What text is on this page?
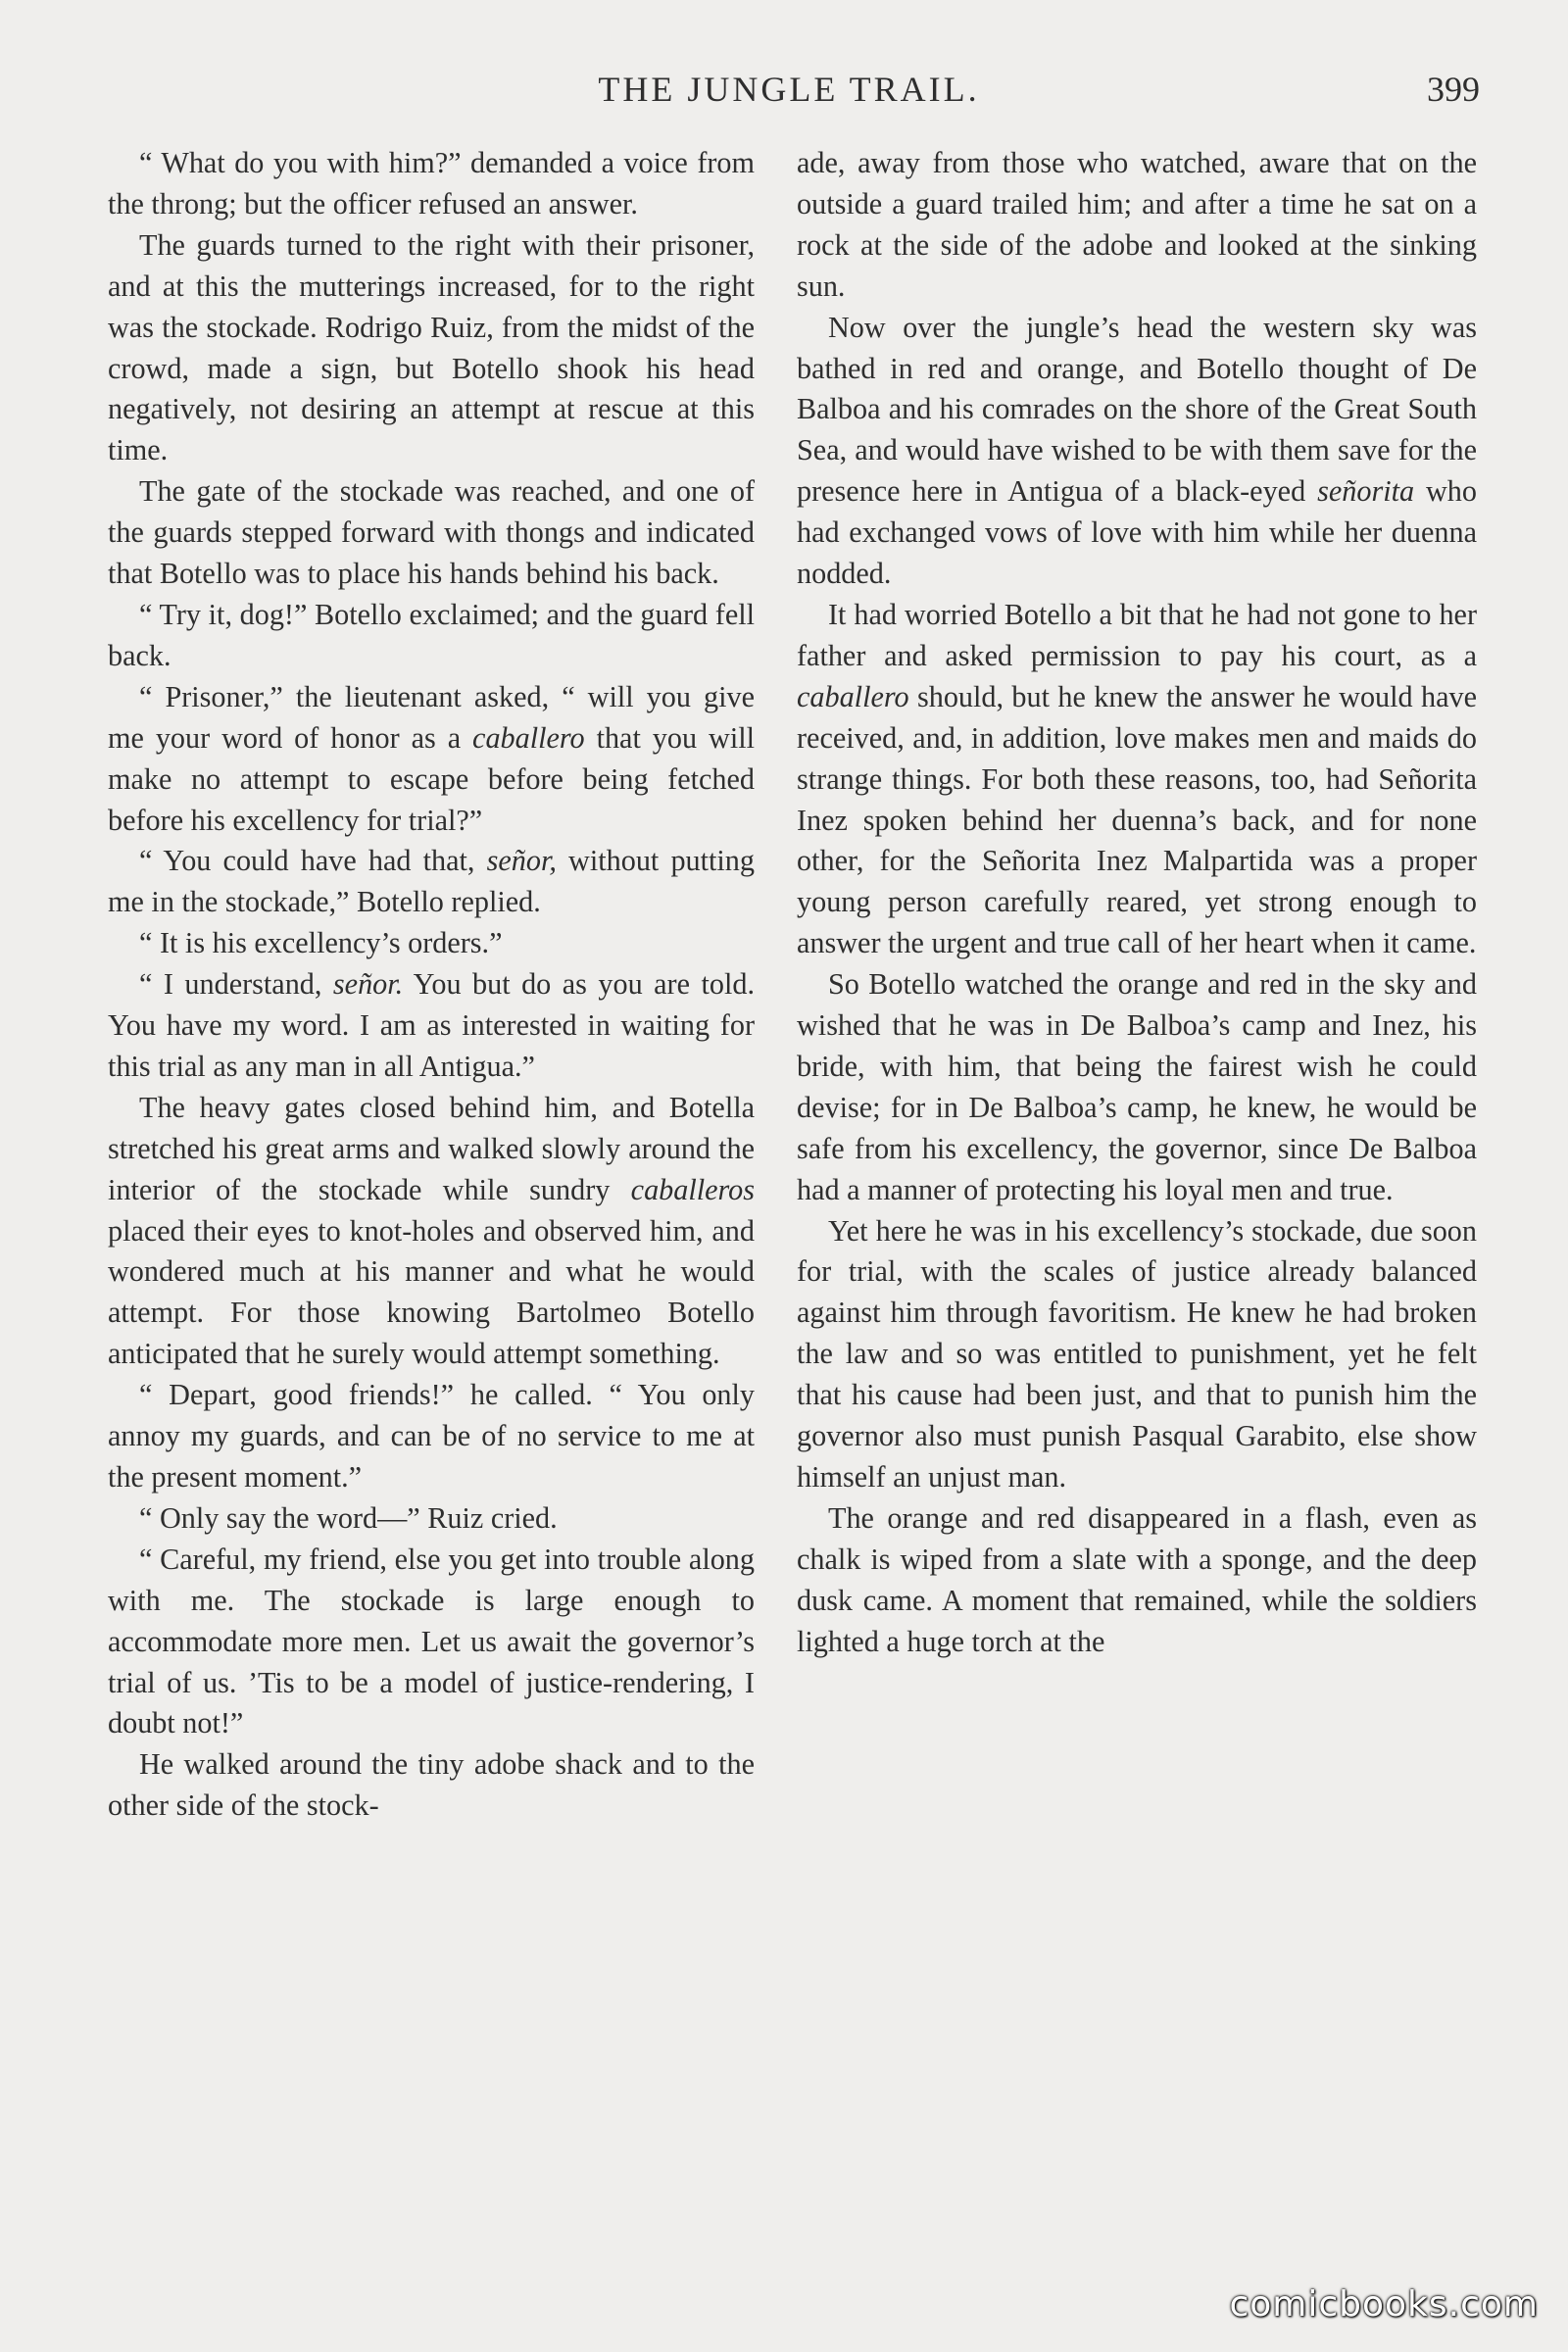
THE JUNGLE TRAIL.	399

“ What do you with him?” demanded a voice from the throng; but the officer refused an answer.

The guards turned to the right with their prisoner, and at this the mutterings increased, for to the right was the stockade. Rodrigo Ruiz, from the midst of the crowd, made a sign, but Botello shook his head negatively, not desiring an attempt at rescue at this time.

The gate of the stockade was reached, and one of the guards stepped forward with thongs and indicated that Botello was to place his hands behind his back.

“ Try it, dog!” Botello exclaimed; and the guard fell back.

“ Prisoner,” the lieutenant asked, “ will you give me your word of honor as a caballero that you will make no attempt to escape before being fetched before his excellency for trial?”

“ You could have had that, señor, without putting me in the stockade,” Botello replied.

“ It is his excellency’s orders.”

“ I understand, señor. You but do as you are told. You have my word. I am as interested in waiting for this trial as any man in all Antigua.”

The heavy gates closed behind him, and Botella stretched his great arms and walked slowly around the interior of the stockade while sundry caballeros placed their eyes to knot-holes and observed him, and wondered much at his manner and what he would attempt. For those knowing Bartolmeo Botello anticipated that he surely would attempt something.

“ Depart, good friends!” he called. “ You only annoy my guards, and can be of no service to me at the present moment.”

“ Only say the word—” Ruiz cried.

“ Careful, my friend, else you get into trouble along with me. The stockade is large enough to accommodate more men. Let us await the governor’s trial of us. ’Tis to be a model of justice-rendering, I doubt not!”

He walked around the tiny adobe shack and to the other side of the stock-

ade, away from those who watched, aware that on the outside a guard trailed him; and after a time he sat on a rock at the side of the adobe and looked at the sinking sun.

Now over the jungle’s head the western sky was bathed in red and orange, and Botello thought of De Balboa and his comrades on the shore of the Great South Sea, and would have wished to be with them save for the presence here in Antigua of a black-eyed señorita who had exchanged vows of love with him while her duenna nodded.

It had worried Botello a bit that he had not gone to her father and asked permission to pay his court, as a caballero should, but he knew the answer he would have received, and, in addition, love makes men and maids do strange things. For both these reasons, too, had Señorita Inez spoken behind her duenna’s back, and for none other, for the Señorita Inez Malpartida was a proper young person carefully reared, yet strong enough to answer the urgent and true call of her heart when it came.

So Botello watched the orange and red in the sky and wished that he was in De Balboa’s camp and Inez, his bride, with him, that being the fairest wish he could devise; for in De Balboa’s camp, he knew, he would be safe from his excellency, the governor, since De Balboa had a manner of protecting his loyal men and true.

Yet here he was in his excellency’s stockade, due soon for trial, with the scales of justice already balanced against him through favoritism. He knew he had broken the law and so was entitled to punishment, yet he felt that his cause had been just, and that to punish him the governor also must punish Pasqual Garabito, else show himself an unjust man.

The orange and red disappeared in a flash, even as chalk is wiped from a slate with a sponge, and the deep dusk came. A moment that remained, while the soldiers lighted a huge torch at the

comicbooks.com
